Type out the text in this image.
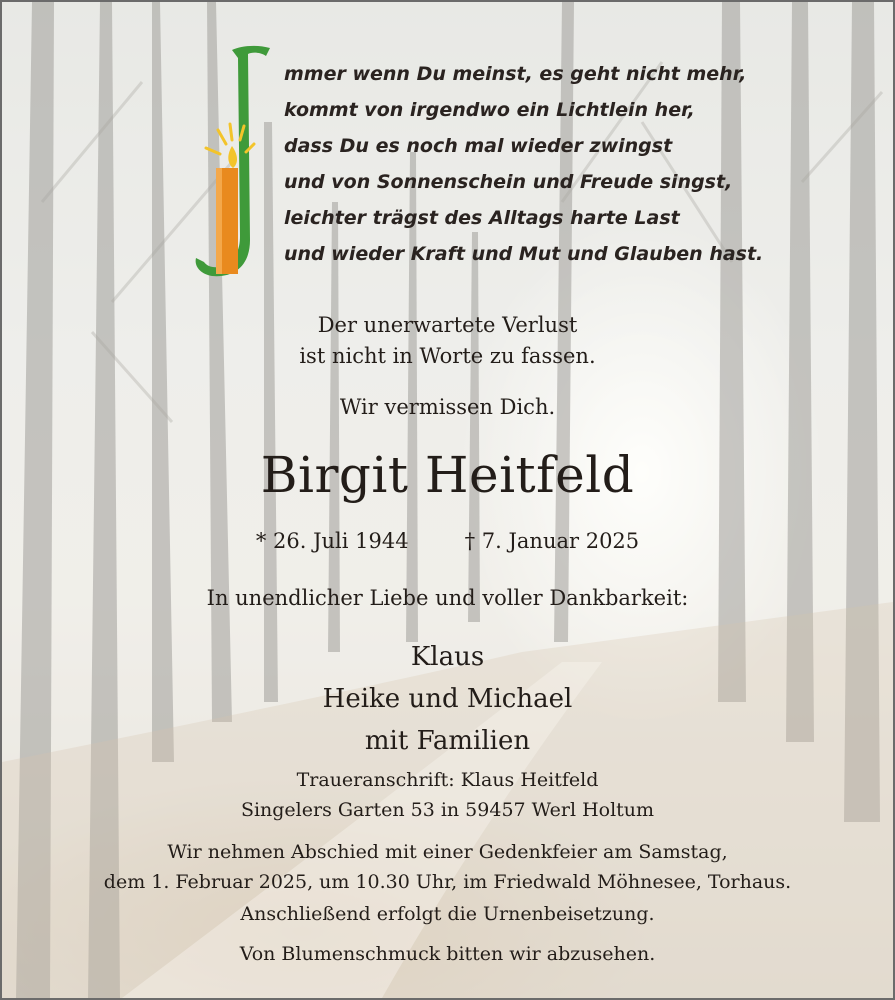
mmer wenn Du meinst, es geht nicht mehr,
kommt von irgendwo ein Lichtlein her,
dass Du es noch mal wieder zwingst
und von Sonnenschein und Freude singst,
leichter trägst des Alltags harte Last
und wieder Kraft und Mut und Glauben hast.
Der unerwartete Verlust
ist nicht in Worte zu fassen.
Wir vermissen Dich.
Birgit Heitfeld
* 26. Juli 1944	† 7. Januar 2025
In unendlicher Liebe und voller Dankbarkeit:
Klaus
Heike und Michael
mit Familien
Traueranschrift: Klaus Heitfeld
Singelers Garten 53 in 59457 Werl Holtum
Wir nehmen Abschied mit einer Gedenkfeier am Samstag,
dem 1. Februar 2025, um 10.30 Uhr, im Friedwald Möhnesee, Torhaus.
Anschließend erfolgt die Urnenbeisetzung.
Von Blumenschmuck bitten wir abzusehen.
